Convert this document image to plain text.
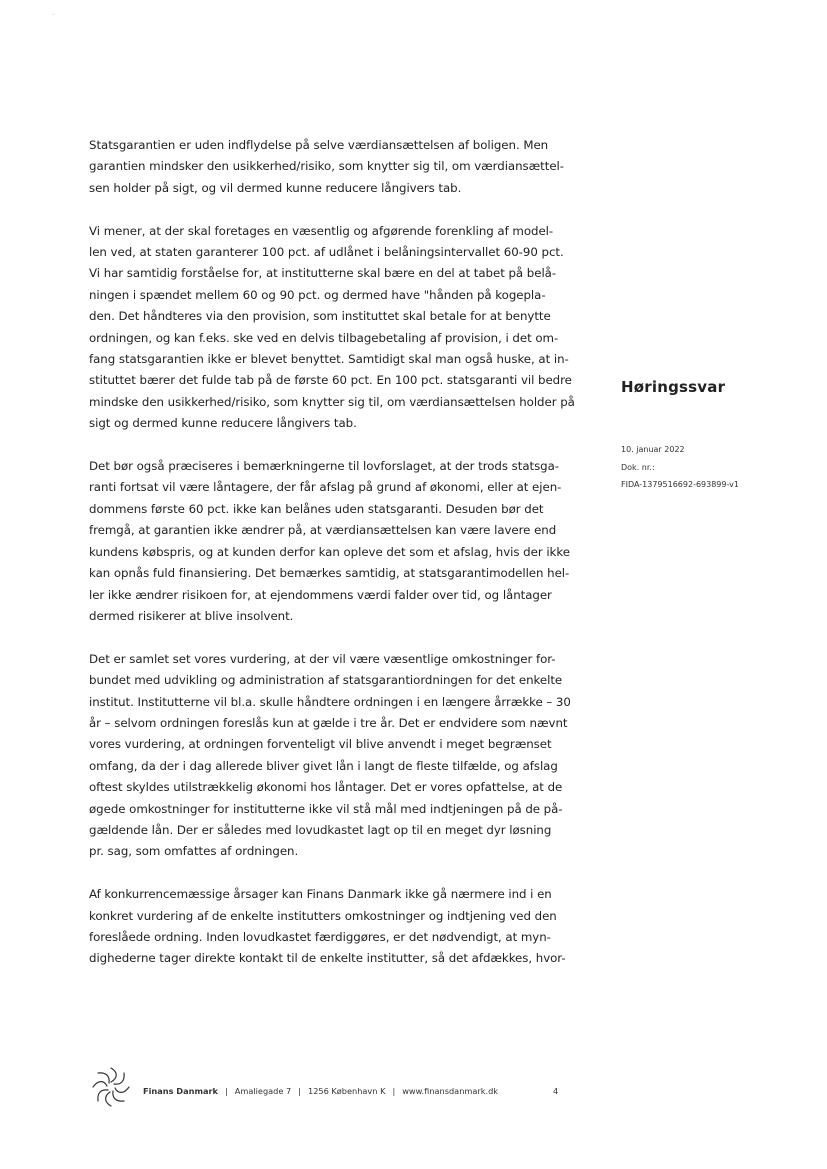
`

Statsgarantien er uden indflydelse på selve værdiansættelsen af boligen. Men
garantien mindsker den usikkerhed/risiko, som knytter sig til, om værdiansættel-
sen holder på sigt, og vil dermed kunne reducere långivers tab.

Vi mener, at der skal foretages en væsentlig og afgørende forenkling af model-
len ved, at staten garanterer 100 pct. af udlånet i belåningsintervallet 60-90 pct.
Vi har samtidig forståelse for, at institutterne skal bære en del at tabet på belå-
ningen i spændet mellem 60 og 90 pct. og dermed have "hånden på kogepla-
den. Det håndteres via den provision, som instituttet skal betale for at benytte
ordningen, og kan f.eks. ske ved en delvis tilbagebetaling af provision, i det om-
fang statsgarantien ikke er blevet benyttet. Samtidigt skal man også huske, at in-
stituttet bærer det fulde tab på de første 60 pct. En 100 pct. statsgaranti vil bedre
mindske den usikkerhed/risiko, som knytter sig til, om værdiansættelsen holder på
sigt og dermed kunne reducere långivers tab.

Det bør også præciseres i bemærkningerne til lovforslaget, at der trods statsga-
ranti fortsat vil være låntagere, der får afslag på grund af økonomi, eller at ejen-
dommens første 60 pct. ikke kan belånes uden statsgaranti. Desuden bør det
fremgå, at garantien ikke ændrer på, at værdiansættelsen kan være lavere end
kundens købspris, og at kunden derfor kan opleve det som et afslag, hvis der ikke
kan opnås fuld finansiering. Det bemærkes samtidig, at statsgarantimodellen hel-
ler ikke ændrer risikoen for, at ejendommens værdi falder over tid, og låntager
dermed risikerer at blive insolvent.

Det er samlet set vores vurdering, at der vil være væsentlige omkostninger for-
bundet med udvikling og administration af statsgarantiordningen for det enkelte
institut. Institutterne vil bl.a. skulle håndtere ordningen i en længere årrække – 30
år – selvom ordningen foreslås kun at gælde i tre år. Det er endvidere som nævnt
vores vurdering, at ordningen forventeligt vil blive anvendt i meget begrænset
omfang, da der i dag allerede bliver givet lån i langt de fleste tilfælde, og afslag
oftest skyldes utilstrækkelig økonomi hos låntager. Det er vores opfattelse, at de
øgede omkostninger for institutterne ikke vil stå mål med indtjeningen på de på-
gældende lån. Der er således med lovudkastet lagt op til en meget dyr løsning
pr. sag, som omfattes af ordningen.

Af konkurrencemæssige årsager kan Finans Danmark ikke gå nærmere ind i en
konkret vurdering af de enkelte institutters omkostninger og indtjening ved den
foreslåede ordning. Inden lovudkastet færdiggøres, er det nødvendigt, at myn-
dighederne tager direkte kontakt til de enkelte institutter, så det afdækkes, hvor-

Høringssvar
10. januar 2022
Dok. nr.:
FIDA-1379516692-693899-v1
Finans Danmark | Amaliegade 7 | 1256 København K | www.finansdanmark.dk	4
